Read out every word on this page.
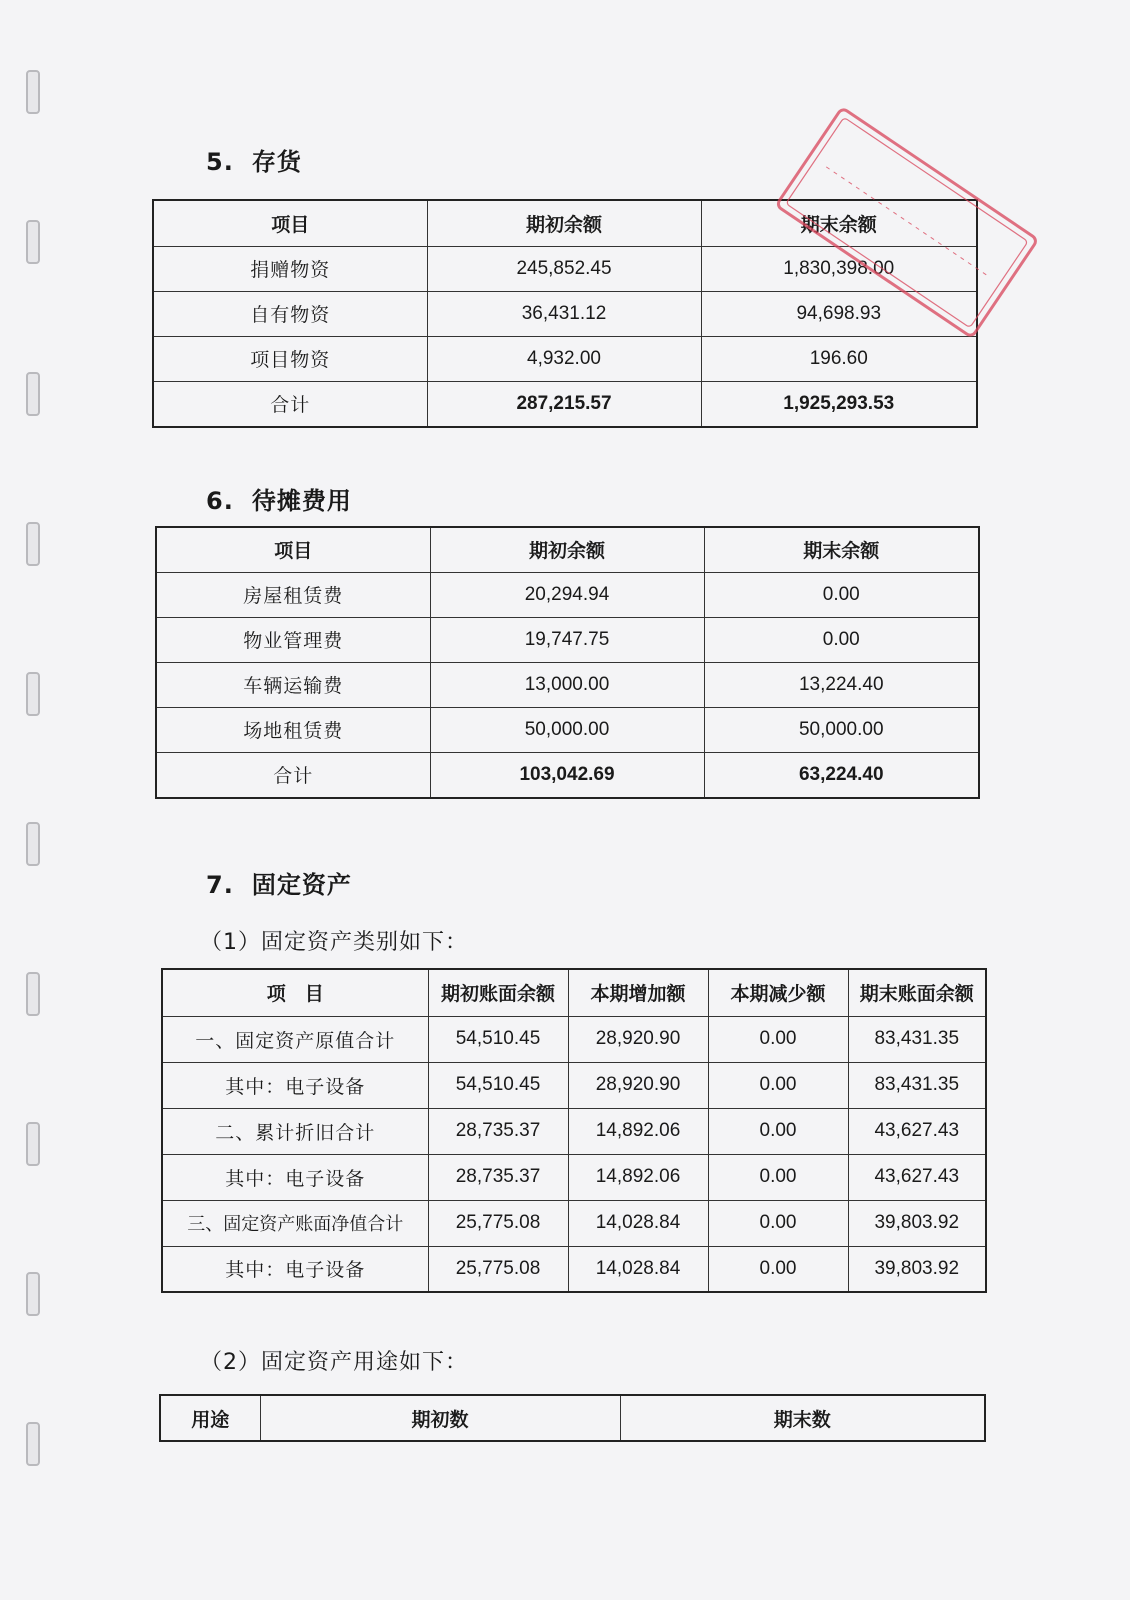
5. 存货
项目	期初余额	期末余额
捐赠物资	245,852.45	1,830,398.00
自有物资	36,431.12	94,698.93
项目物资	4,932.00	196.60
合计	287,215.57	1,925,293.53
6. 待摊费用
项目	期初余额	期末余额
房屋租赁费	20,294.94	0.00
物业管理费	19,747.75	0.00
车辆运输费	13,000.00	13,224.40
场地租赁费	50,000.00	50,000.00
合计	103,042.69	63,224.40
7. 固定资产
（1）固定资产类别如下：
项　目	期初账面余额	本期增加额	本期减少额	期末账面余额
一、固定资产原值合计	54,510.45	28,920.90	0.00	83,431.35
其中：电子设备	54,510.45	28,920.90	0.00	83,431.35
二、累计折旧合计	28,735.37	14,892.06	0.00	43,627.43
其中：电子设备	28,735.37	14,892.06	0.00	43,627.43
三、固定资产账面净值合计	25,775.08	14,028.84	0.00	39,803.92
其中：电子设备	25,775.08	14,028.84	0.00	39,803.92
（2）固定资产用途如下：
用途	期初数	期末数
